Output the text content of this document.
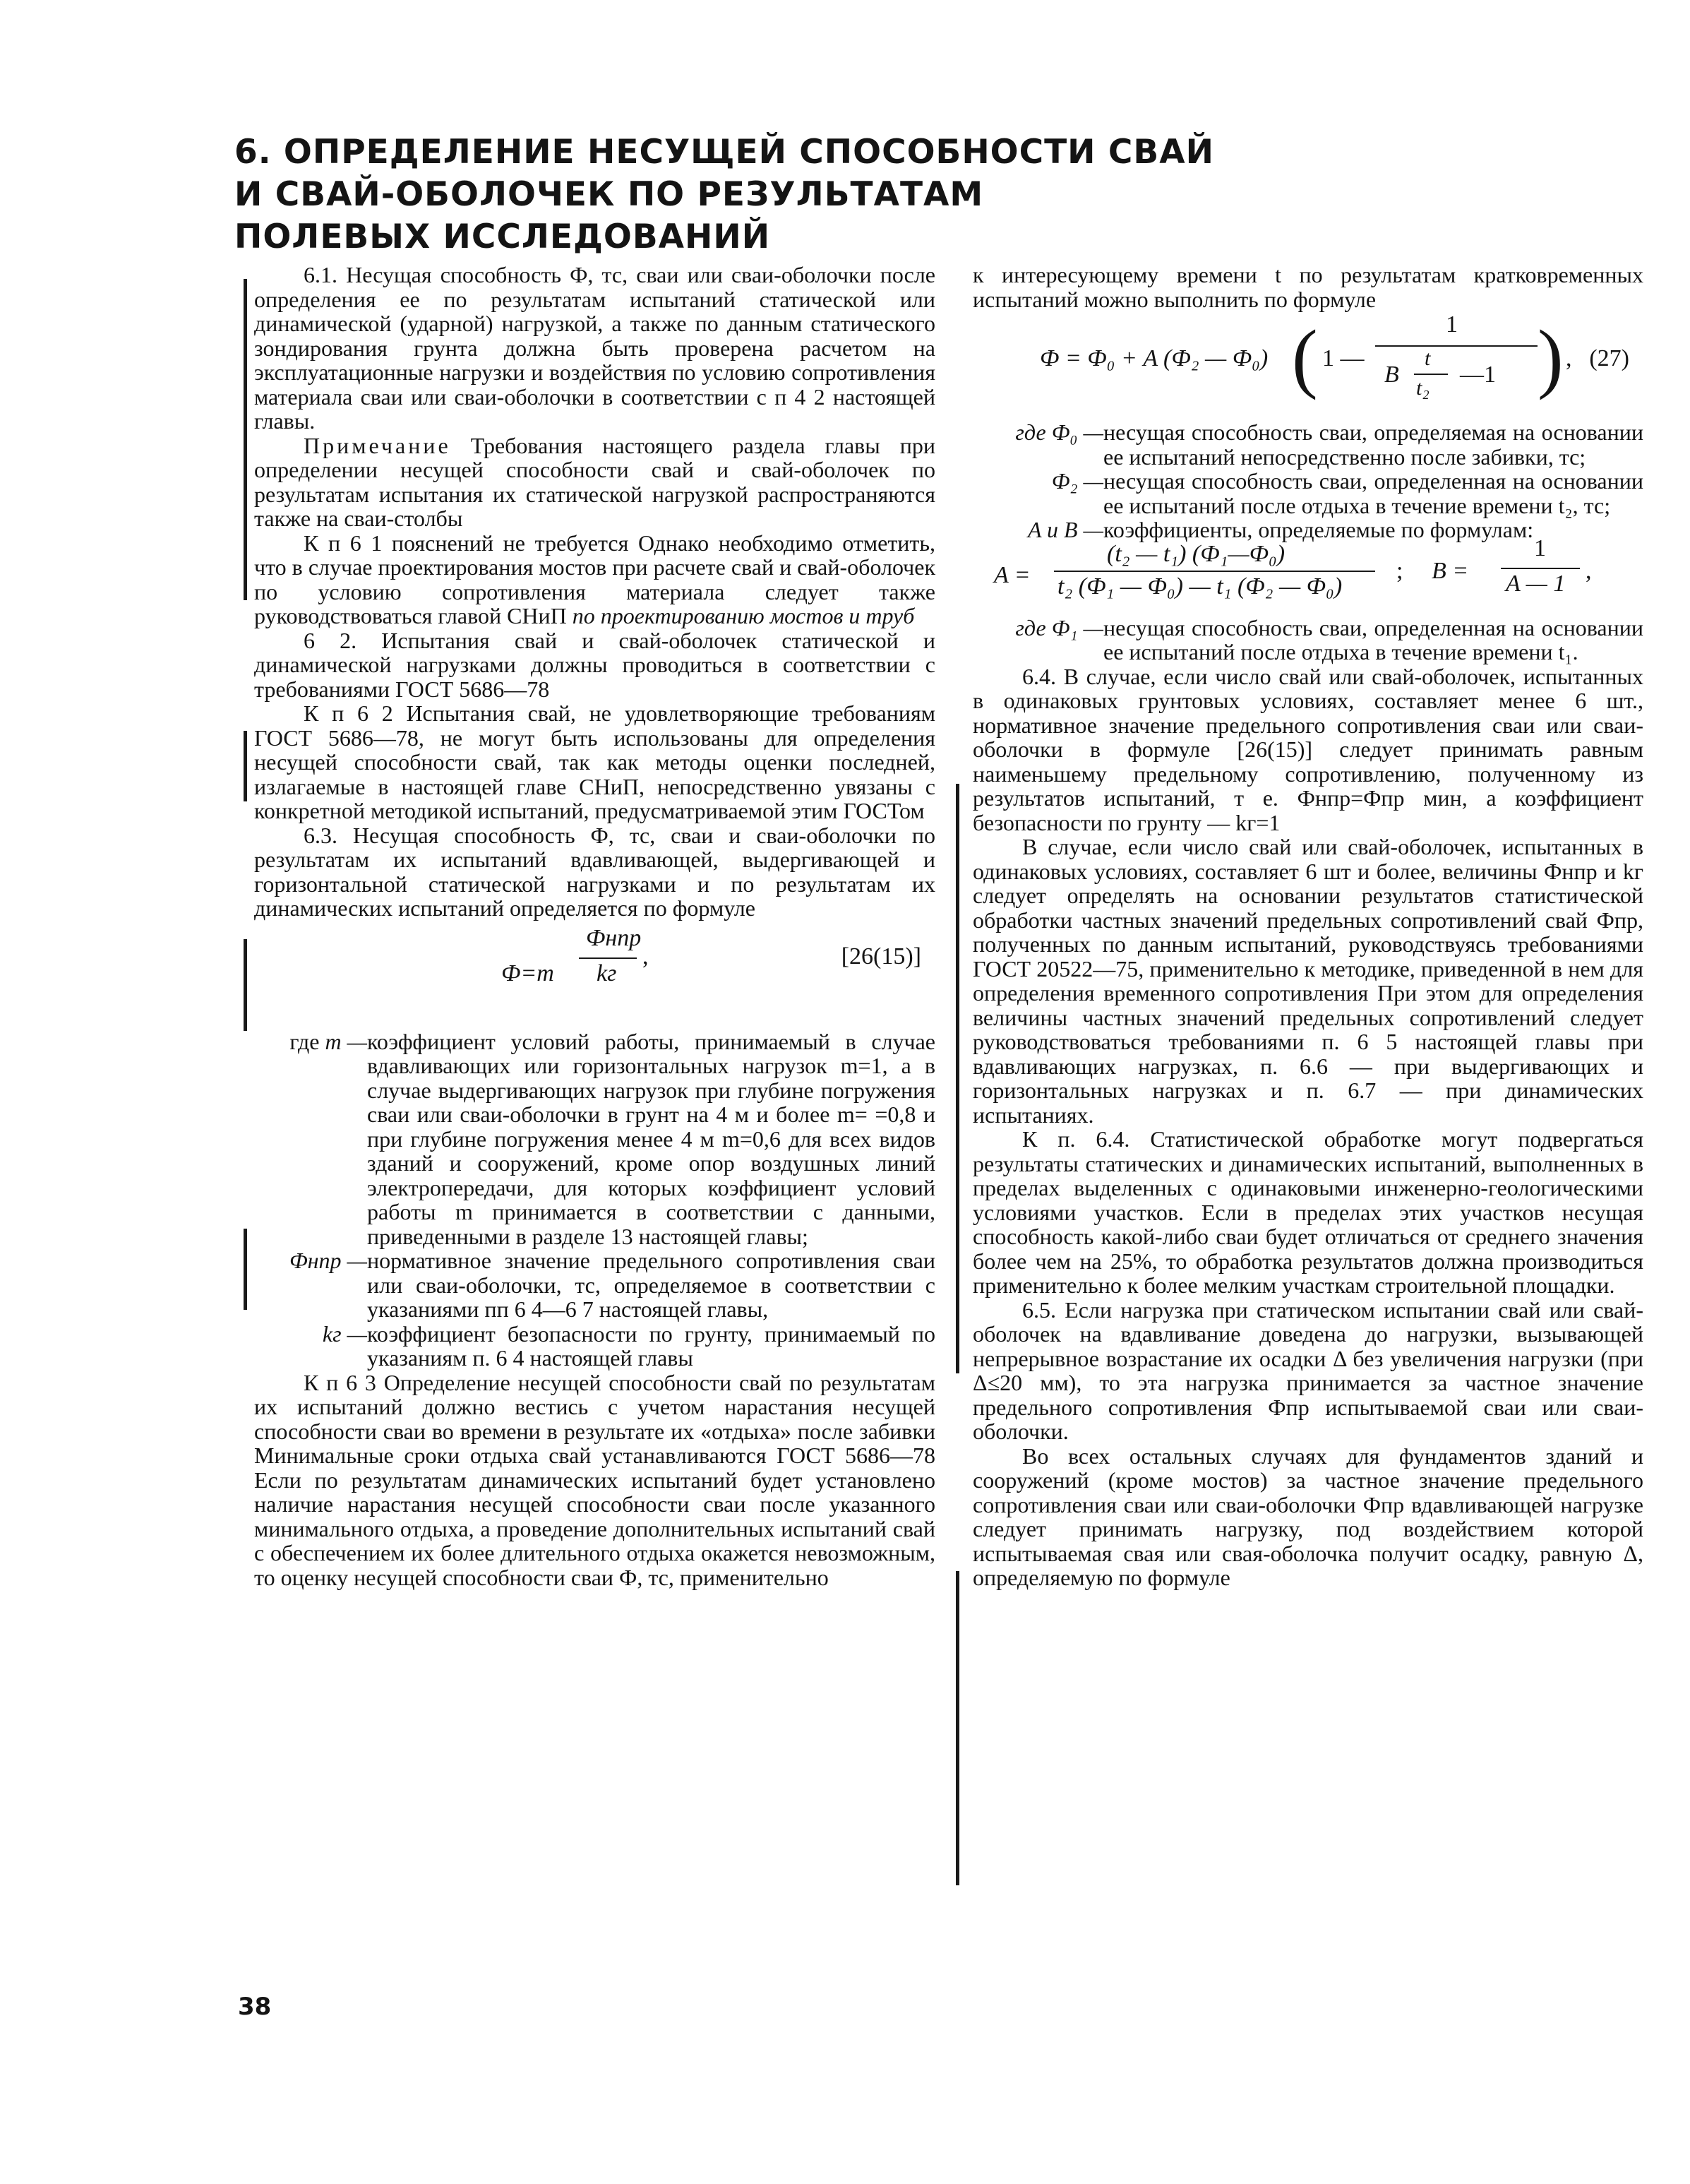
6. ОПРЕДЕЛЕНИЕ НЕСУЩЕЙ СПОСОБНОСТИ СВАЙ
И СВАЙ-ОБОЛОЧЕК ПО РЕЗУЛЬТАТАМ
ПОЛЕВЫХ ИССЛЕДОВАНИЙ

6.1. Несущая способность Ф, тс, сваи или сваи-оболочки после определения ее по результатам испытаний статической или динамической (ударной) нагрузкой, а также по данным статического зондирования грунта должна быть проверена расчетом на эксплуатационные нагрузки и воздействия по условию сопротивления материала сваи или сваи-оболочки в соответствии с п 4 2 настоящей главы.

Примечание Требования настоящего раздела главы при определении несущей способности свай и свай-оболочек по результатам испытания их статической нагрузкой распространяются также на сваи-столбы

К п 6 1 пояснений не требуется Однако необходимо отметить, что в случае проектирования мостов при расчете свай и свай-оболочек по условию сопротивления материала следует также руководствоваться главой СНиП по проектированию мостов и труб

6 2. Испытания свай и свай-оболочек статической и динамической нагрузками должны проводиться в соответствии с требованиями ГОСТ 5686—78

К п 6 2 Испытания свай, не удовлетворяющие требованиям ГОСТ 5686—78, не могут быть использованы для определения несущей способности свай, так как методы оценки последней, излагаемые в настоящей главе СНиП, непосредственно увязаны с конкретной методикой испытаний, предусматриваемой этим ГОСТом

6.3. Несущая способность Ф, тс, сваи и сваи-оболочки по результатам их испытаний вдавливающей, выдергивающей и горизонтальной статической нагрузками и по результатам их динамических испытаний определяется по формуле

Ф=m
Фнпр
kг
,	[26(15)]
где m — коэффициент условий работы, принимаемый в случае вдавливающих или горизонтальных нагрузок m=1, а в случае выдергивающих нагрузок при глубине погружения сваи или сваи-оболочки в грунт на 4 м и более m= =0,8 и при глубине погружения менее 4 м m=0,6 для всех видов зданий и сооружений, кроме опор воздушных линий электропередачи, для которых коэффициент условий работы m принимается в соответствии с данными, приведенными в разделе 13 настоящей главы;
Фнпр — нормативное значение предельного сопротивления сваи или сваи-оболочки, тс, определяемое в соответствии с указаниями пп 6 4—6 7 настоящей главы,
kг — коэффициент безопасности по грунту, принимаемый по указаниям п. 6 4 настоящей главы

К п 6 3 Определение несущей способности свай по результатам их испытаний должно вестись с учетом нарастания несущей способности сваи во времени в результате их «отдыха» после забивки Минимальные сроки отдыха свай устанавливаются ГОСТ 5686—78 Если по результатам динамических испытаний будет установлено наличие нарастания несущей способности сваи после указанного минимального отдыха, а проведение дополнительных испытаний свай с обеспечением их более длительного отдыха окажется невозможным, то оценку несущей способности сваи Ф, тс, применительно

к интересующему времени t по результатам кратковременных испытаний можно выполнить по формуле

Ф = Ф₀ + A (Ф₂ — Ф₀) ( 1 —
1
B
t
t₂
—1 ) , (27)
где Ф₀ — несущая способность сваи, определяемая на основании ее испытаний непосредственно после забивки, тс;
Ф₂ — несущая способность сваи, определенная на основании ее испытаний после отдыха в течение времени t₂, тс;
A и B — коэффициенты, определяемые по формулам:
A =
(t₂ — t₁) (Ф₁—Ф₀)
t₂ (Ф₁ — Ф₀) — t₁ (Ф₂ — Ф₀)
; B =
1
A — 1 ,
где Ф₁ — несущая способность сваи, определенная на основании ее испытаний после отдыха в течение времени t₁.

6.4. В случае, если число свай или свай-оболочек, испытанных в одинаковых грунтовых условиях, составляет менее 6 шт., нормативное значение предельного сопротивления сваи или сваи-оболочки в формуле [26(15)] следует принимать равным наименьшему предельному сопротивлению, полученному из результатов испытаний, т е. Фнпр=Фпр мин, а коэффициент безопасности по грунту — kг=1

В случае, если число свай или свай-оболочек, испытанных в одинаковых условиях, составляет 6 шт и более, величины Фнпр и kг следует определять на основании результатов статистической обработки частных значений предельных сопротивлений свай Фпр, полученных по данным испытаний, руководствуясь требованиями ГОСТ 20522—75, применительно к методике, приведенной в нем для определения временного сопротивления При этом для определения величины частных значений предельных сопротивлений следует руководствоваться требованиями п. 6 5 настоящей главы при вдавливающих нагрузках, п. 6.6 — при выдергивающих и горизонтальных нагрузках и п. 6.7 — при динамических испытаниях.

К п. 6.4. Статистической обработке могут подвергаться результаты статических и динамических испытаний, выполненных в пределах выделенных с одинаковыми инженерно-геологическими условиями участков. Если в пределах этих участков несущая способность какой-либо сваи будет отличаться от среднего значения более чем на 25%, то обработка результатов должна производиться применительно к более мелким участкам строительной площадки.

6.5. Если нагрузка при статическом испытании свай или свай-оболочек на вдавливание доведена до нагрузки, вызывающей непрерывное возрастание их осадки Δ без увеличения нагрузки (при Δ≤20 мм), то эта нагрузка принимается за частное значение предельного сопротивления Фпр испытываемой сваи или сваи-оболочки.

Во всех остальных случаях для фундаментов зданий и сооружений (кроме мостов) за частное значение предельного сопротивления сваи или сваи-оболочки Фпр вдавливающей нагрузке следует принимать нагрузку, под воздействием которой испытываемая свая или свая-оболочка получит осадку, равную Δ, определяемую по формуле

38
